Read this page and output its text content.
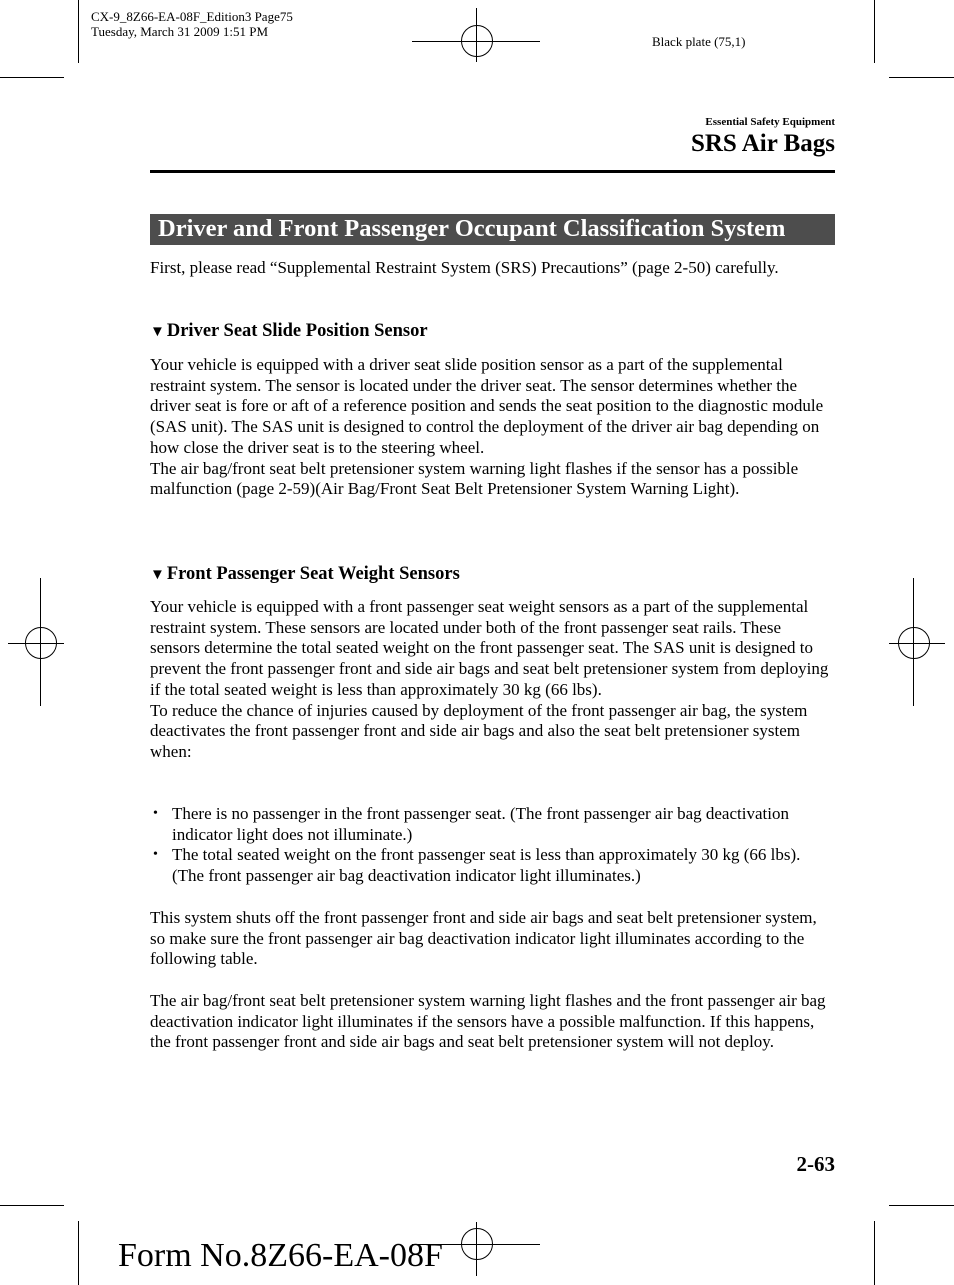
CX-9_8Z66-EA-08F_Edition3 Page75
Tuesday, March 31 2009 1:51 PM
Black plate (75,1)
Essential Safety Equipment
SRS Air Bags
Driver and Front Passenger Occupant Classification System

First, please read “Supplemental Restraint System (SRS) Precautions” (page 2-50) carefully.

▼ Driver Seat Slide Position Sensor

Your vehicle is equipped with a driver seat slide position sensor as a part of the supplemental restraint system. The sensor is located under the driver seat. The sensor determines whether the driver seat is fore or aft of a reference position and sends the seat position to the diagnostic module (SAS unit). The SAS unit is designed to control the deployment of the driver air bag depending on how close the driver seat is to the steering wheel.

The air bag/front seat belt pretensioner system warning light flashes if the sensor has a possible malfunction (page 2-59)(Air Bag/Front Seat Belt Pretensioner System Warning Light).

▼ Front Passenger Seat Weight Sensors

Your vehicle is equipped with a front passenger seat weight sensors as a part of the supplemental restraint system. These sensors are located under both of the front passenger seat rails. These sensors determine the total seated weight on the front passenger seat. The SAS unit is designed to prevent the front passenger front and side air bags and seat belt pretensioner system from deploying if the total seated weight is less than approximately 30 kg (66 lbs).

To reduce the chance of injuries caused by deployment of the front passenger air bag, the system deactivates the front passenger front and side air bags and also the seat belt pretensioner system when:

• There is no passenger in the front passenger seat. (The front passenger air bag deactivation indicator light does not illuminate.)
• The total seated weight on the front passenger seat is less than approximately 30 kg (66 lbs). (The front passenger air bag deactivation indicator light illuminates.)

This system shuts off the front passenger front and side air bags and seat belt pretensioner system, so make sure the front passenger air bag deactivation indicator light illuminates according to the following table.

The air bag/front seat belt pretensioner system warning light flashes and the front passenger air bag deactivation indicator light illuminates if the sensors have a possible malfunction. If this happens, the front passenger front and side air bags and seat belt pretensioner system will not deploy.

2-63
Form No.8Z66-EA-08F
